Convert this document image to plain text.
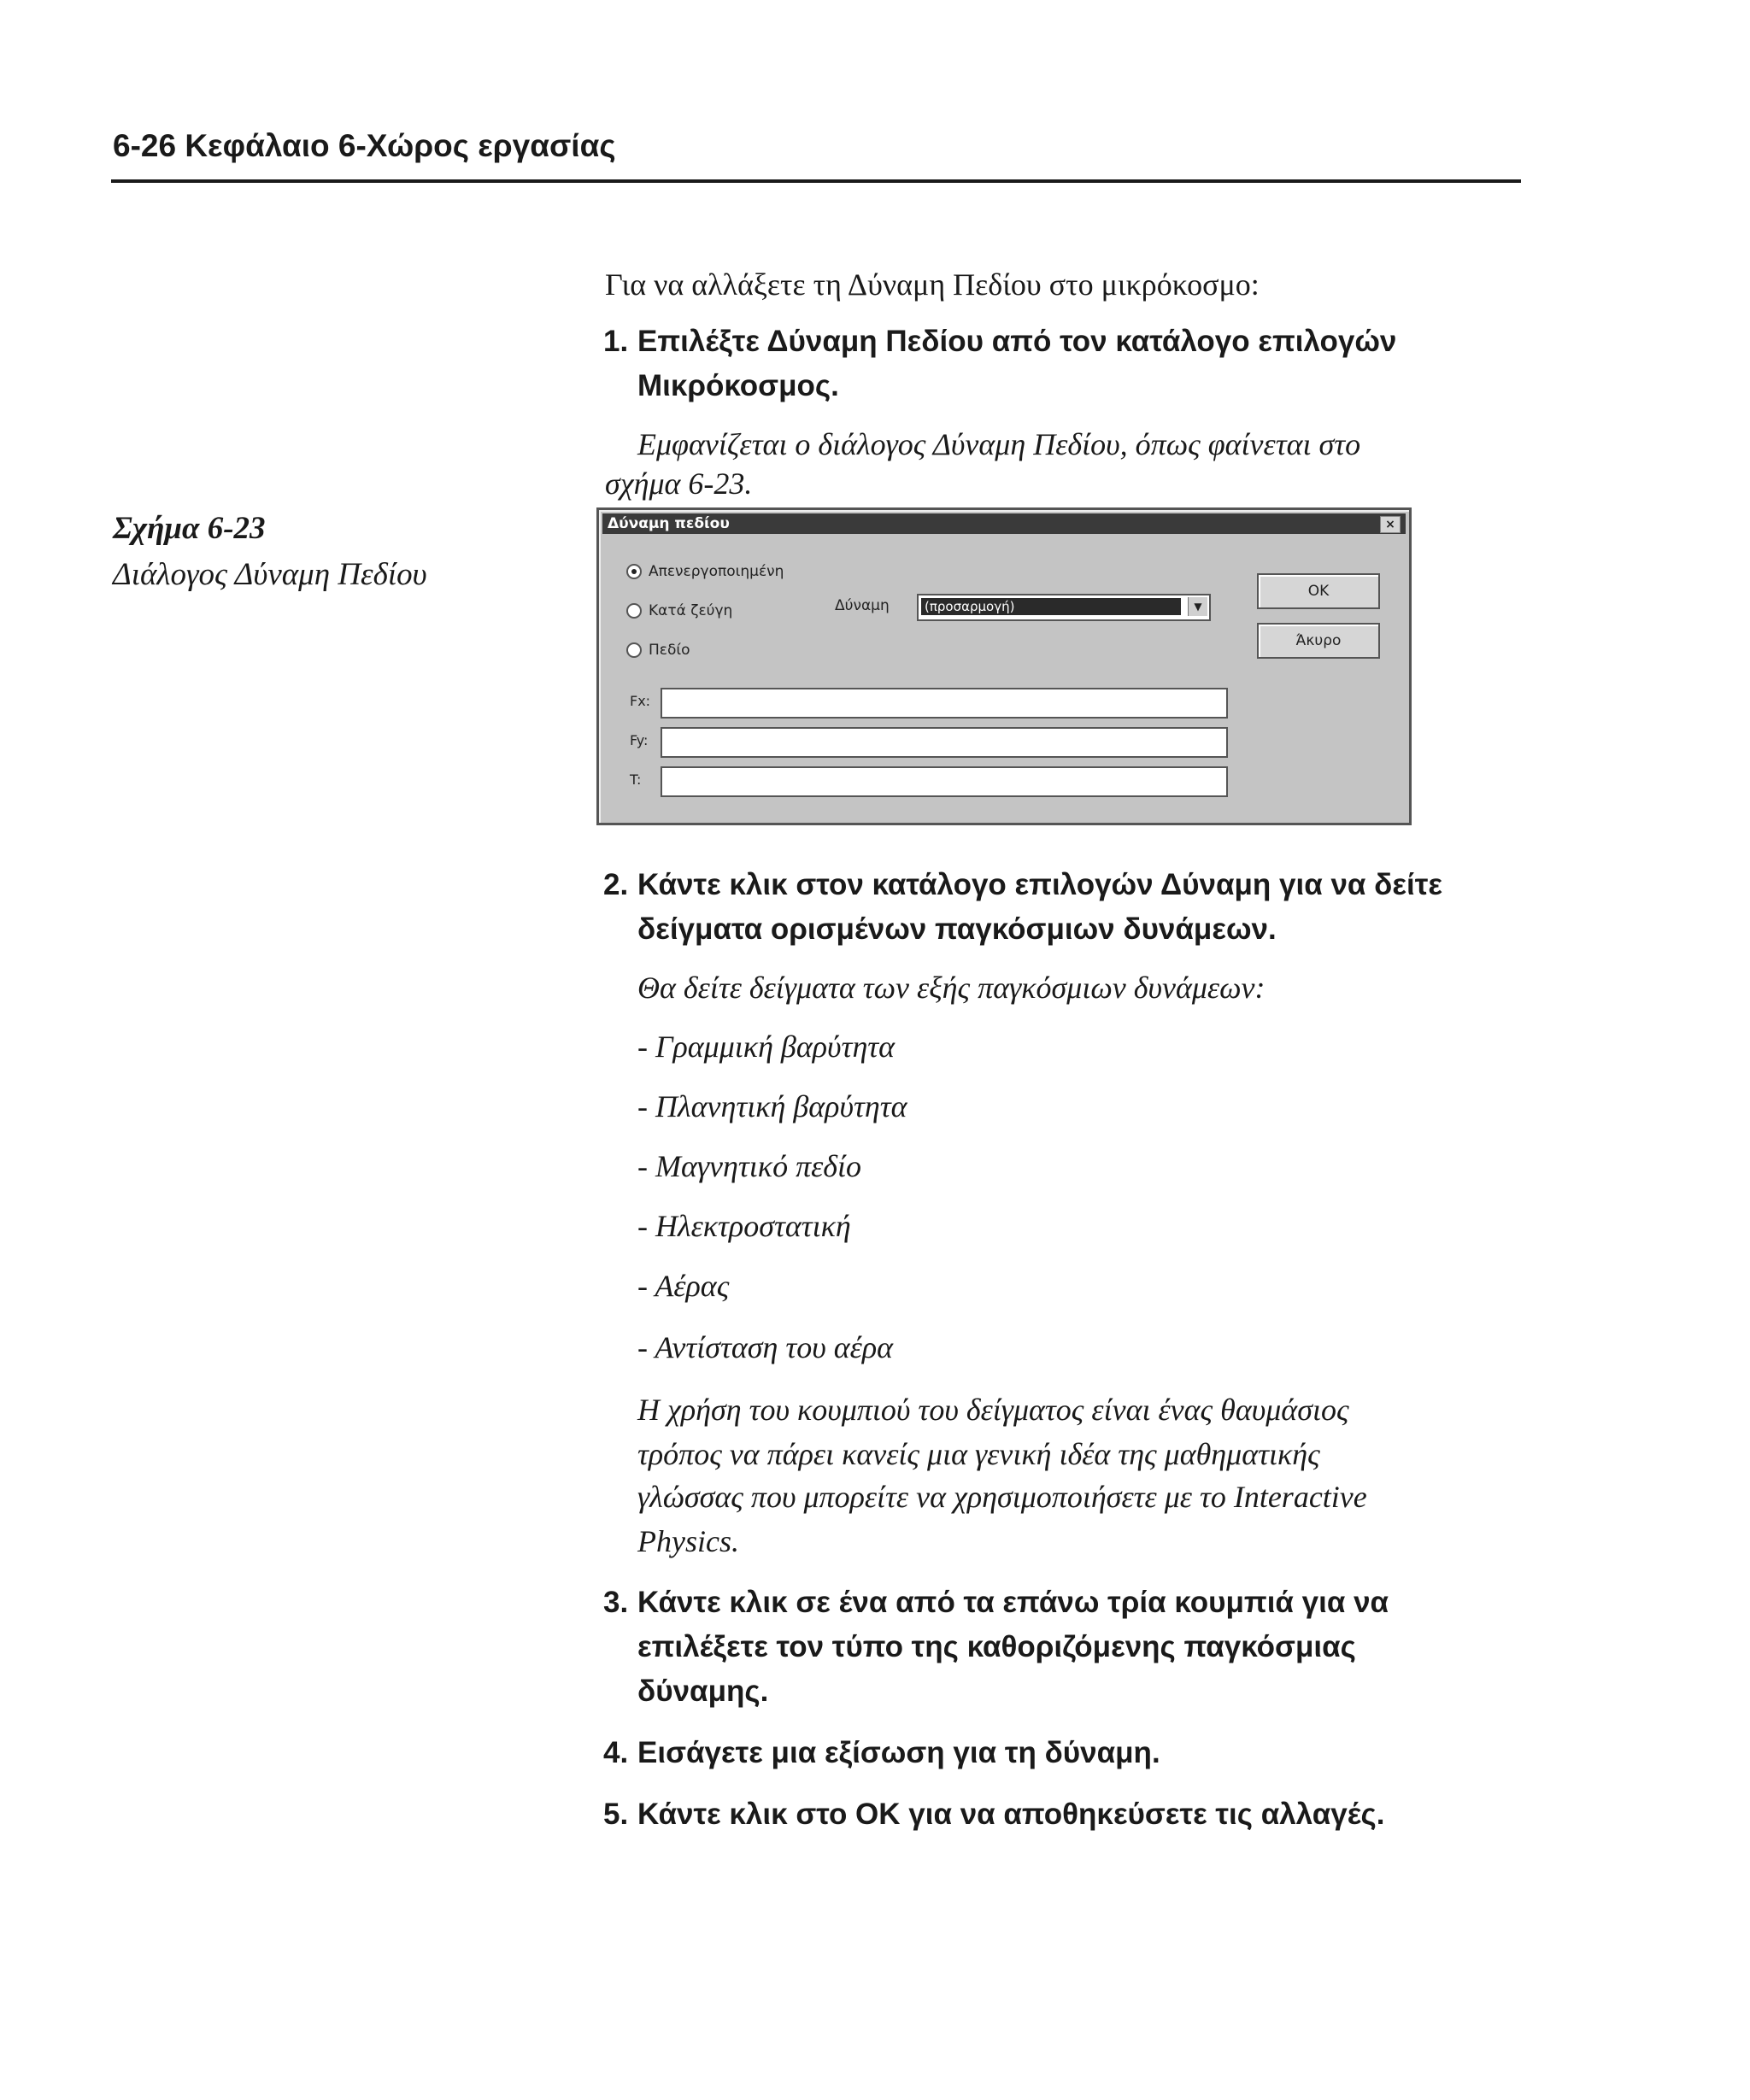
6-26 Κεφάλαιο 6-Χώρος εργασίας
Σχήμα 6-23
Διάλογος Δύναμη Πεδίου
Για να αλλάξετε τη Δύναμη Πεδίου στο μικρόκοσμο:
1. Επιλέξτε Δύναμη Πεδίου από τον κατάλογο επιλογών
Μικρόκοσμος.
Εμφανίζεται ο διάλογος Δύναμη Πεδίου, όπως φαίνεται στο
σχήμα 6-23.
Δύναμη πεδίου	×
Απενεργοποιημένη
Κατά ζεύγη
Πεδίο
Δύναμη	(προσαρμογή)	▼
ΟΚ
Άκυρο
Fx:
Fy:
T:
2. Κάντε κλικ στον κατάλογο επιλογών Δύναμη για να δείτε
δείγματα ορισμένων παγκόσμιων δυνάμεων.
Θα δείτε δείγματα των εξής παγκόσμιων δυνάμεων:
- Γραμμική βαρύτητα
- Πλανητική βαρύτητα
- Μαγνητικό πεδίο
- Ηλεκτροστατική
- Αέρας
- Αντίσταση του αέρα
Η χρήση του κουμπιού του δείγματος είναι ένας θαυμάσιος
τρόπος να πάρει κανείς μια γενική ιδέα της μαθηματικής
γλώσσας που μπορείτε να χρησιμοποιήσετε με το Interactive
Physics.
3. Κάντε κλικ σε ένα από τα επάνω τρία κουμπιά για να
επιλέξετε τον τύπο της καθοριζόμενης παγκόσμιας
δύναμης.
4. Εισάγετε μια εξίσωση για τη δύναμη.
5. Κάντε κλικ στο ΟΚ για να αποθηκεύσετε τις αλλαγές.
